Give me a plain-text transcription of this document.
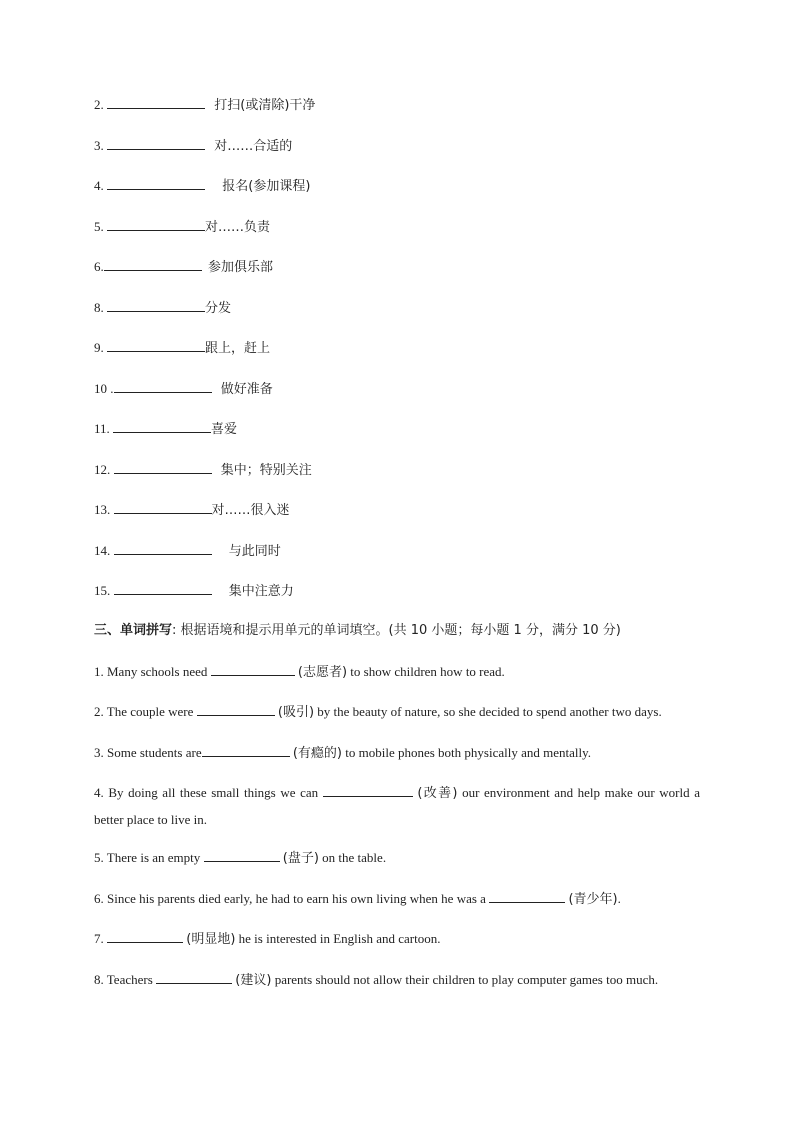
2.	打扫(或清除)干净
3.	对……合适的
4.	报名(参加课程)
5.	对……负责
6.	参加俱乐部
8.	分发
9.	跟上，赶上
10 .	做好准备
11.	喜爱
12.	集中；特别关注
13.	对……很入迷
14.	与此同时
15.	集中注意力
三、单词拼写: 根据语境和提示用单元的单词填空。(共 10 小题；每小题 1 分，满分 10 分)
1. Many schools need	(志愿者) to show children how to read.
2. The couple were	(吸引) by the beauty of nature, so she decided to spend another two days.
3. Some students are	(有瘾的) to mobile phones both physically and mentally.
4. By doing all these small things we can	(改善) our environment and help make our world a better place to live in.
5. There is an empty	(盘子) on the table.
6. Since his parents died early, he had to earn his own living when he was a	(青少年).
7.	(明显地) he is interested in English and cartoon.
8. Teachers	(建议) parents should not allow their children to play computer games too much.
